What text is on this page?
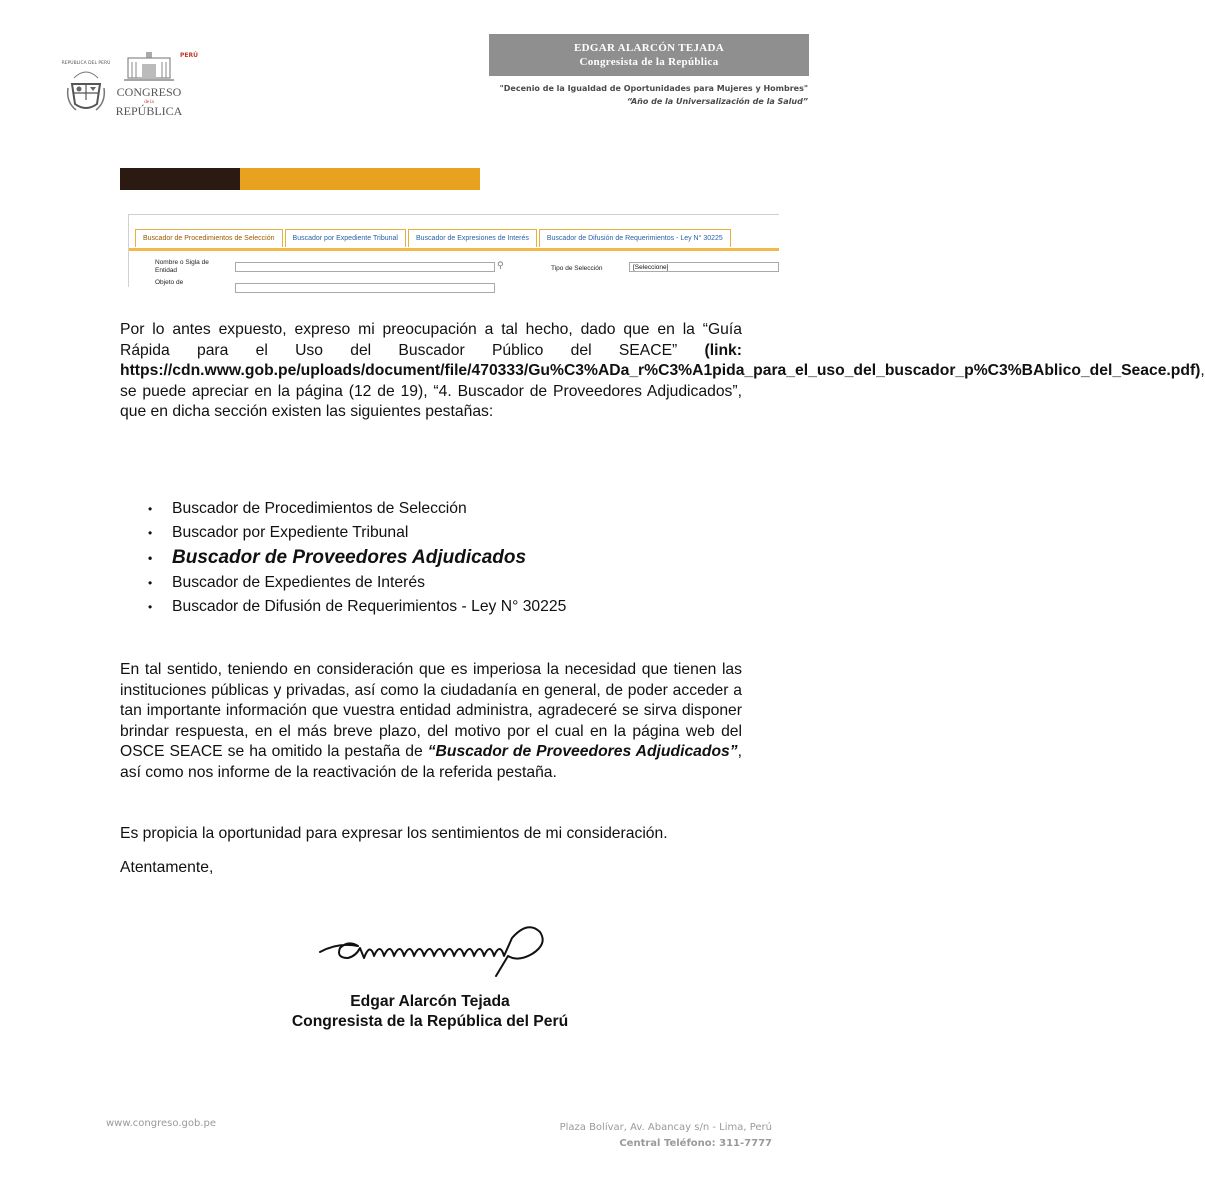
REPÚBLICA DEL PERÚ
PERÚ
CONGRESO
de la
REPÚBLICA
EDGAR ALARCÓN TEJADA
Congresista de la República
"Decenio de la Igualdad de Oportunidades para Mujeres y Hombres"
“Año de la Universalización de la Salud”
Buscador de Procedimientos de Selección	Buscador por Expediente Tribunal	Buscador de Expresiones de Interés	Buscador de Difusión de Requerimientos - Ley N° 30225
Nombre o Sigla de Entidad
⚲
Objeto de
Tipo de Selección	[Seleccione]

Por lo antes expuesto, expreso mi preocupación a tal hecho, dado que en la “Guía Rápida para el Uso del Buscador Público del SEACE” (link: https://cdn.www.gob.pe/uploads/document/file/470333/Gu%C3%ADa_r%C3%A1pida_para_el_uso_del_buscador_p%C3%BAblico_del_Seace.pdf), se puede apreciar en la página (12 de 19), “4. Buscador de Proveedores Adjudicados”, que en dicha sección existen las siguientes pestañas:

• Buscador de Procedimientos de Selección
• Buscador por Expediente Tribunal
• Buscador de Proveedores Adjudicados
• Buscador de Expedientes de Interés
• Buscador de Difusión de Requerimientos - Ley N° 30225

En tal sentido, teniendo en consideración que es imperiosa la necesidad que tienen las instituciones públicas y privadas, así como la ciudadanía en general, de poder acceder a tan importante información que vuestra entidad administra, agradeceré se sirva disponer brindar respuesta, en el más breve plazo, del motivo por el cual en la página web del OSCE SEACE se ha omitido la pestaña de “Buscador de Proveedores Adjudicados”, así como nos informe de la reactivación de la referida pestaña.

Es propicia la oportunidad para expresar los sentimientos de mi consideración.

Atentamente,

Edgar Alarcón Tejada
Congresista de la República del Perú
www.congreso.gob.pe	Plaza Bolívar, Av. Abancay s/n - Lima, Perú
Central Teléfono: 311-7777
